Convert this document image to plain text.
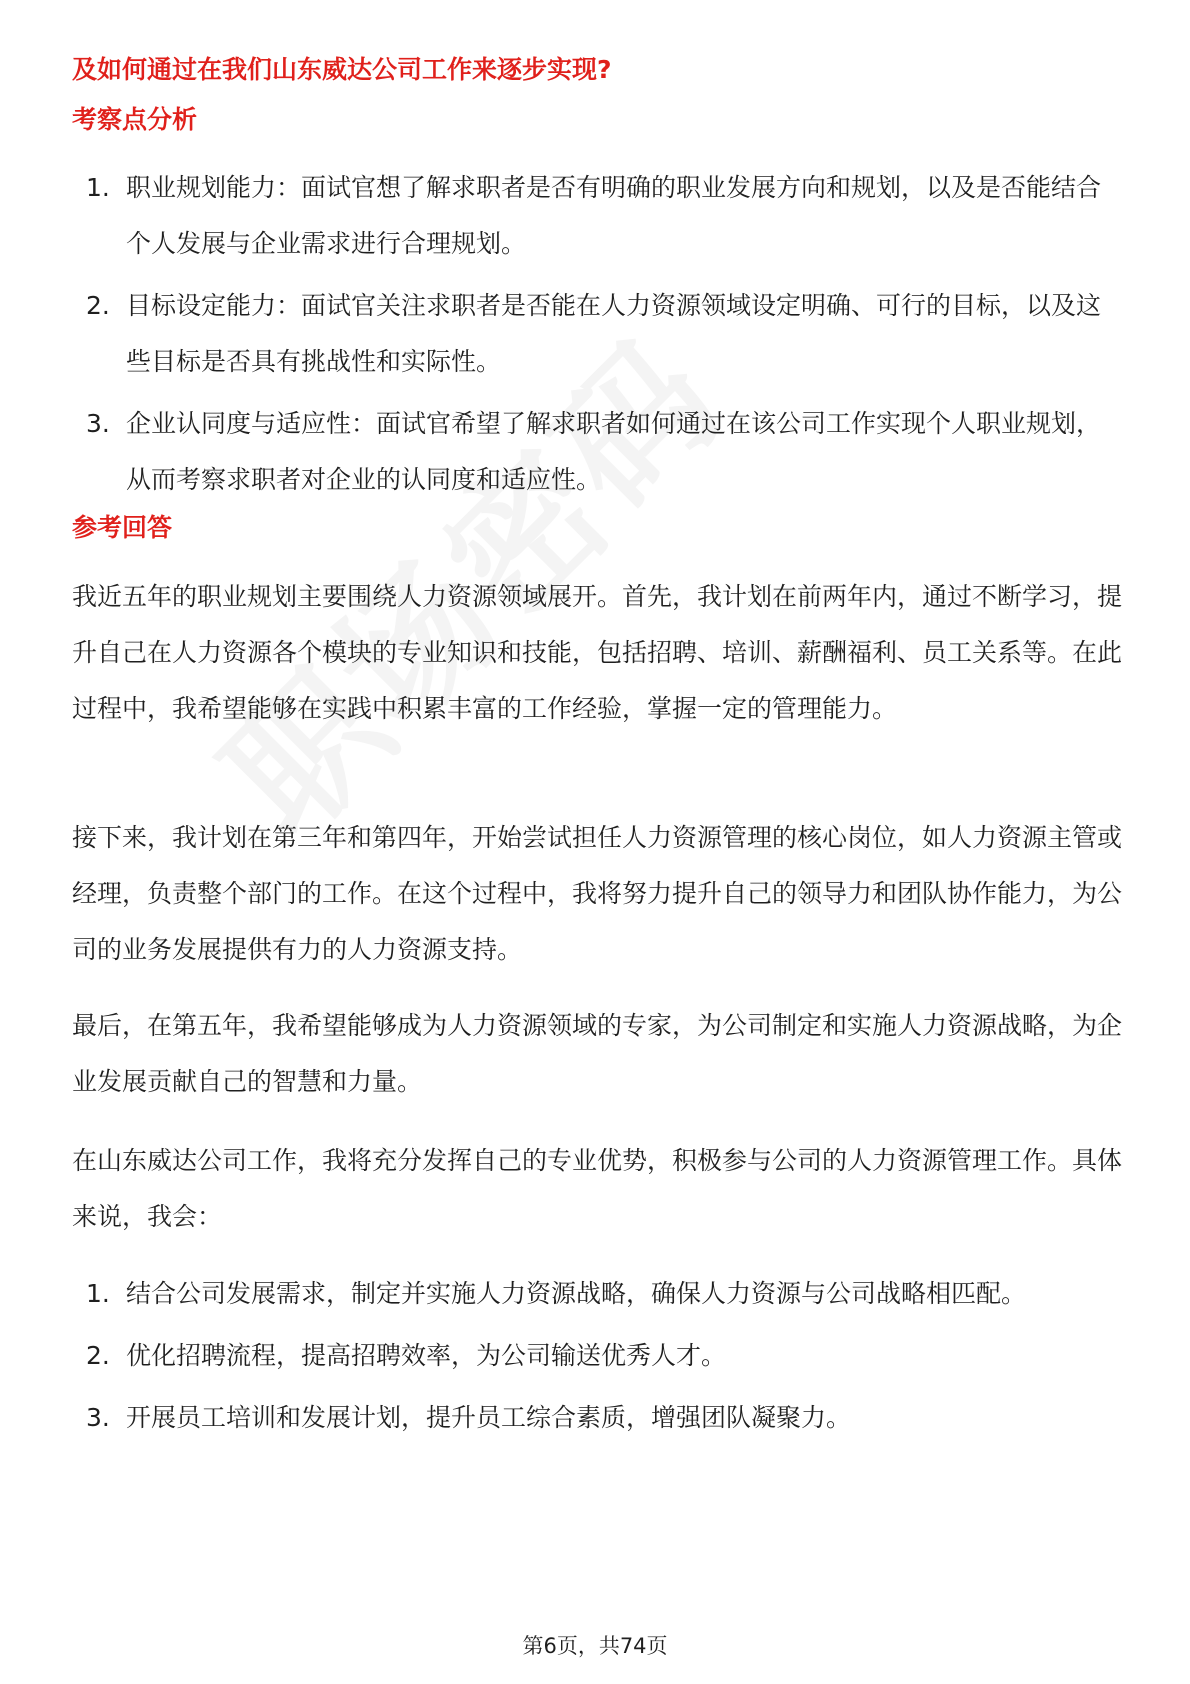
及如何通过在我们山东威达公司工作来逐步实现?
考察点分析
1. 职业规划能力：面试官想了解求职者是否有明确的职业发展方向和规划，以及是否能结合个人发展与企业需求进行合理规划。
2. 目标设定能力：面试官关注求职者是否能在人力资源领域设定明确、可行的目标，以及这些目标是否具有挑战性和实际性。
3. 企业认同度与适应性：面试官希望了解求职者如何通过在该公司工作实现个人职业规划，从而考察求职者对企业的认同度和适应性。
参考回答

我近五年的职业规划主要围绕人力资源领域展开。首先，我计划在前两年内，通过不断学习，提升自己在人力资源各个模块的专业知识和技能，包括招聘、培训、薪酬福利、员工关系等。在此过程中，我希望能够在实践中积累丰富的工作经验，掌握一定的管理能力。

接下来，我计划在第三年和第四年，开始尝试担任人力资源管理的核心岗位，如人力资源主管或经理，负责整个部门的工作。在这个过程中，我将努力提升自己的领导力和团队协作能力，为公司的业务发展提供有力的人力资源支持。

最后，在第五年，我希望能够成为人力资源领域的专家，为公司制定和实施人力资源战略，为企业发展贡献自己的智慧和力量。

在山东威达公司工作，我将充分发挥自己的专业优势，积极参与公司的人力资源管理工作。具体来说，我会：

1. 结合公司发展需求，制定并实施人力资源战略，确保人力资源与公司战略相匹配。
2. 优化招聘流程，提高招聘效率，为公司输送优秀人才。
3. 开展员工培训和发展计划，提升员工综合素质，增强团队凝聚力。
第6页，共74页
